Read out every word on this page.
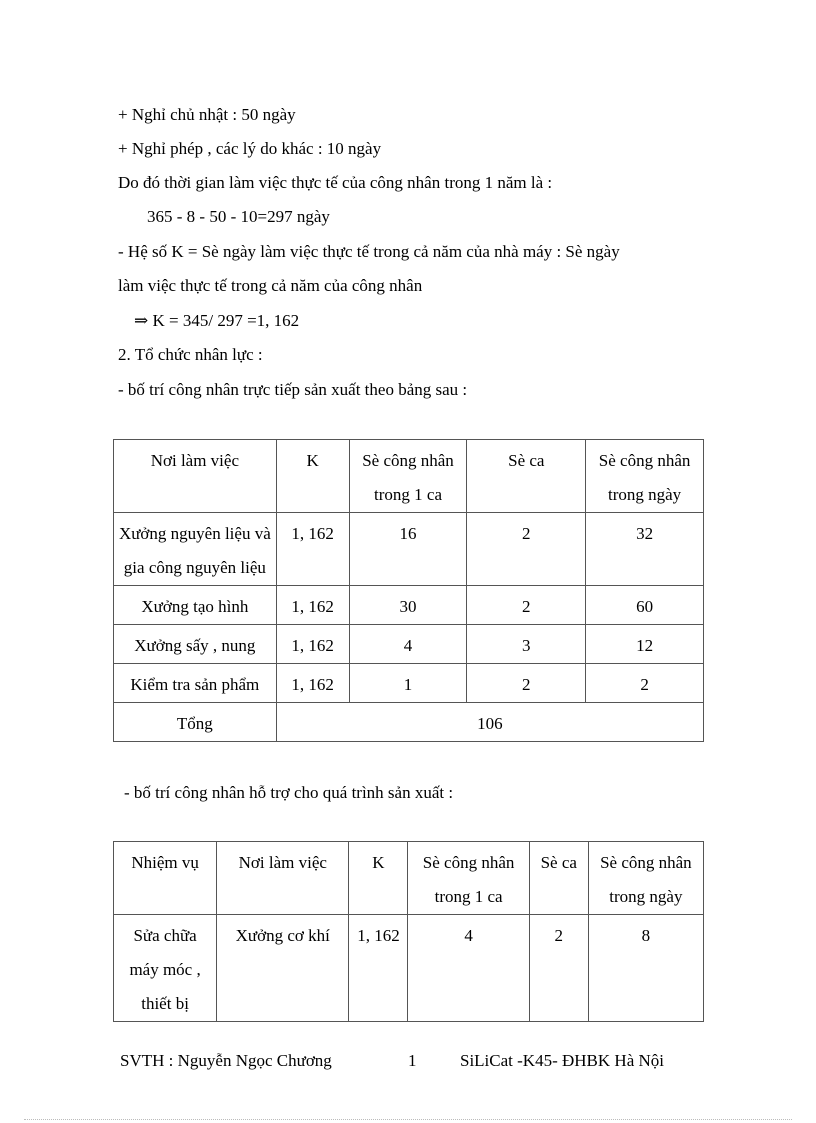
+ Nghỉ chủ nhật : 50 ngày
+ Nghỉ phép , các lý do khác : 10 ngày
Do đó thời gian làm việc thực tế của công nhân trong 1 năm là :
365 - 8 - 50 - 10=297 ngày
- Hệ số K = Sè ngày làm việc thực tế trong cả năm của nhà máy : Sè ngày
làm việc thực tế trong cả năm của công nhân
⇒ K = 345/ 297 =1, 162
2. Tổ chức nhân lực :
- bố trí công nhân trực tiếp sản xuất theo bảng sau :
Nơi làm việc	K	Sè công nhân trong 1 ca	Sè ca	Sè công nhân trong ngày
Xưởng nguyên liệu và gia công nguyên liệu	1, 162	16	2	32
Xưởng tạo hình	1, 162	30	2	60
Xưởng sấy , nung	1, 162	4	3	12
Kiểm tra sản phẩm	1, 162	1	2	2
Tổng	106			
- bố trí công nhân hỗ trợ cho quá trình sản xuất :
Nhiệm vụ	Nơi làm việc	K	Sè công nhân trong 1 ca	Sè ca	Sè công nhân trong ngày
Sửa chữa máy móc , thiết bị	Xưởng cơ khí	1, 162	4	2	8
SVTH : Nguyễn Ngọc Chương	1	SiLiCat -K45- ĐHBK Hà Nội
